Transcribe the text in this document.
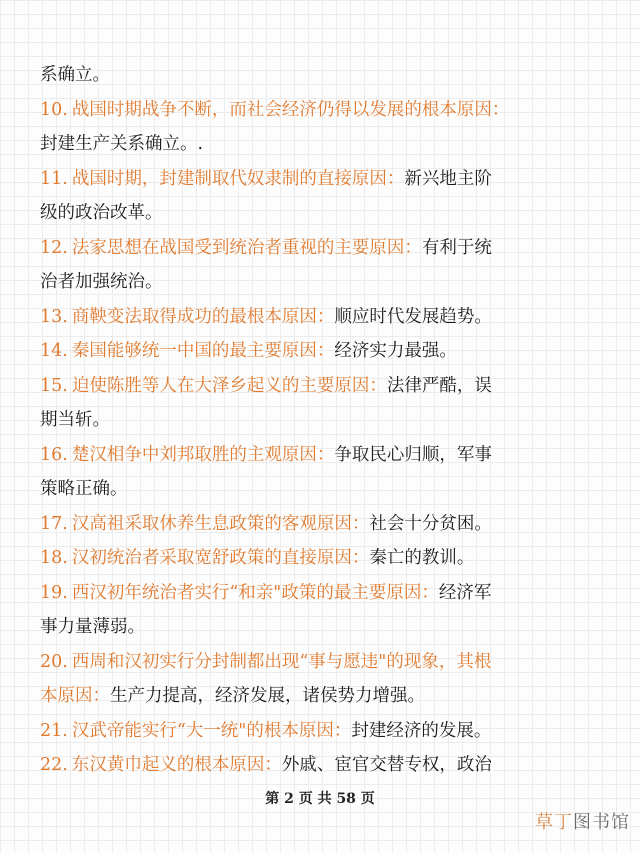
系确立。
10. 战国时期战争不断，而社会经济仍得以发展的根本原因：
封建生产关系确立。.
11. 战国时期，封建制取代奴隶制的直接原因：新兴地主阶
级的政治改革。
12. 法家思想在战国受到统治者重视的主要原因：有利于统
治者加强统治。
13. 商鞅变法取得成功的最根本原因：顺应时代发展趋势。
14. 秦国能够统一中国的最主要原因：经济实力最强。
15. 迫使陈胜等人在大泽乡起义的主要原因：法律严酷，误
期当斩。
16. 楚汉相争中刘邦取胜的主观原因：争取民心归顺，军事
策略正确。
17. 汉高祖采取休养生息政策的客观原因：社会十分贫困。
18. 汉初统治者采取宽舒政策的直接原因：秦亡的教训。
19. 西汉初年统治者实行“和亲"政策的最主要原因：经济军
事力量薄弱。
20. 西周和汉初实行分封制都出现“事与愿违"的现象，其根
本原因：生产力提高，经济发展，诸侯势力增强。
21. 汉武帝能实行“大一统"的根本原因：封建经济的发展。
22. 东汉黄巾起义的根本原因：外戚、宦官交替专权，政治
第 2 页 共 58 页
草丁图书馆
